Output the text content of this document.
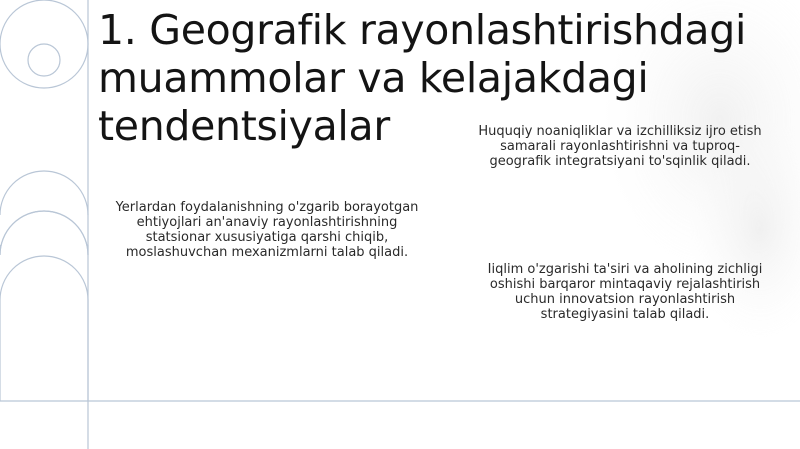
1. Geografik rayonlashtirishdagi muammolar va kelajakdagi tendentsiyalar	Huquqiy noaniqliklar va izchilliksiz ijro etish samarali rayonlashtirishni va tuproq-geografik integratsiyani to'sqinlik qiladi.

Yerlardan foydalanishning o'zgarib borayotgan ehtiyojlari an'anaviy rayonlashtirishning statsionar xususiyatiga qarshi chiqib, moslashuvchan mexanizmlarni talab qiladi.

Iiqlim o'zgarishi ta'siri va aholining zichligi oshishi barqaror mintaqaviy rejalashtirish uchun innovatsion rayonlashtirish strategiyasini talab qiladi.
